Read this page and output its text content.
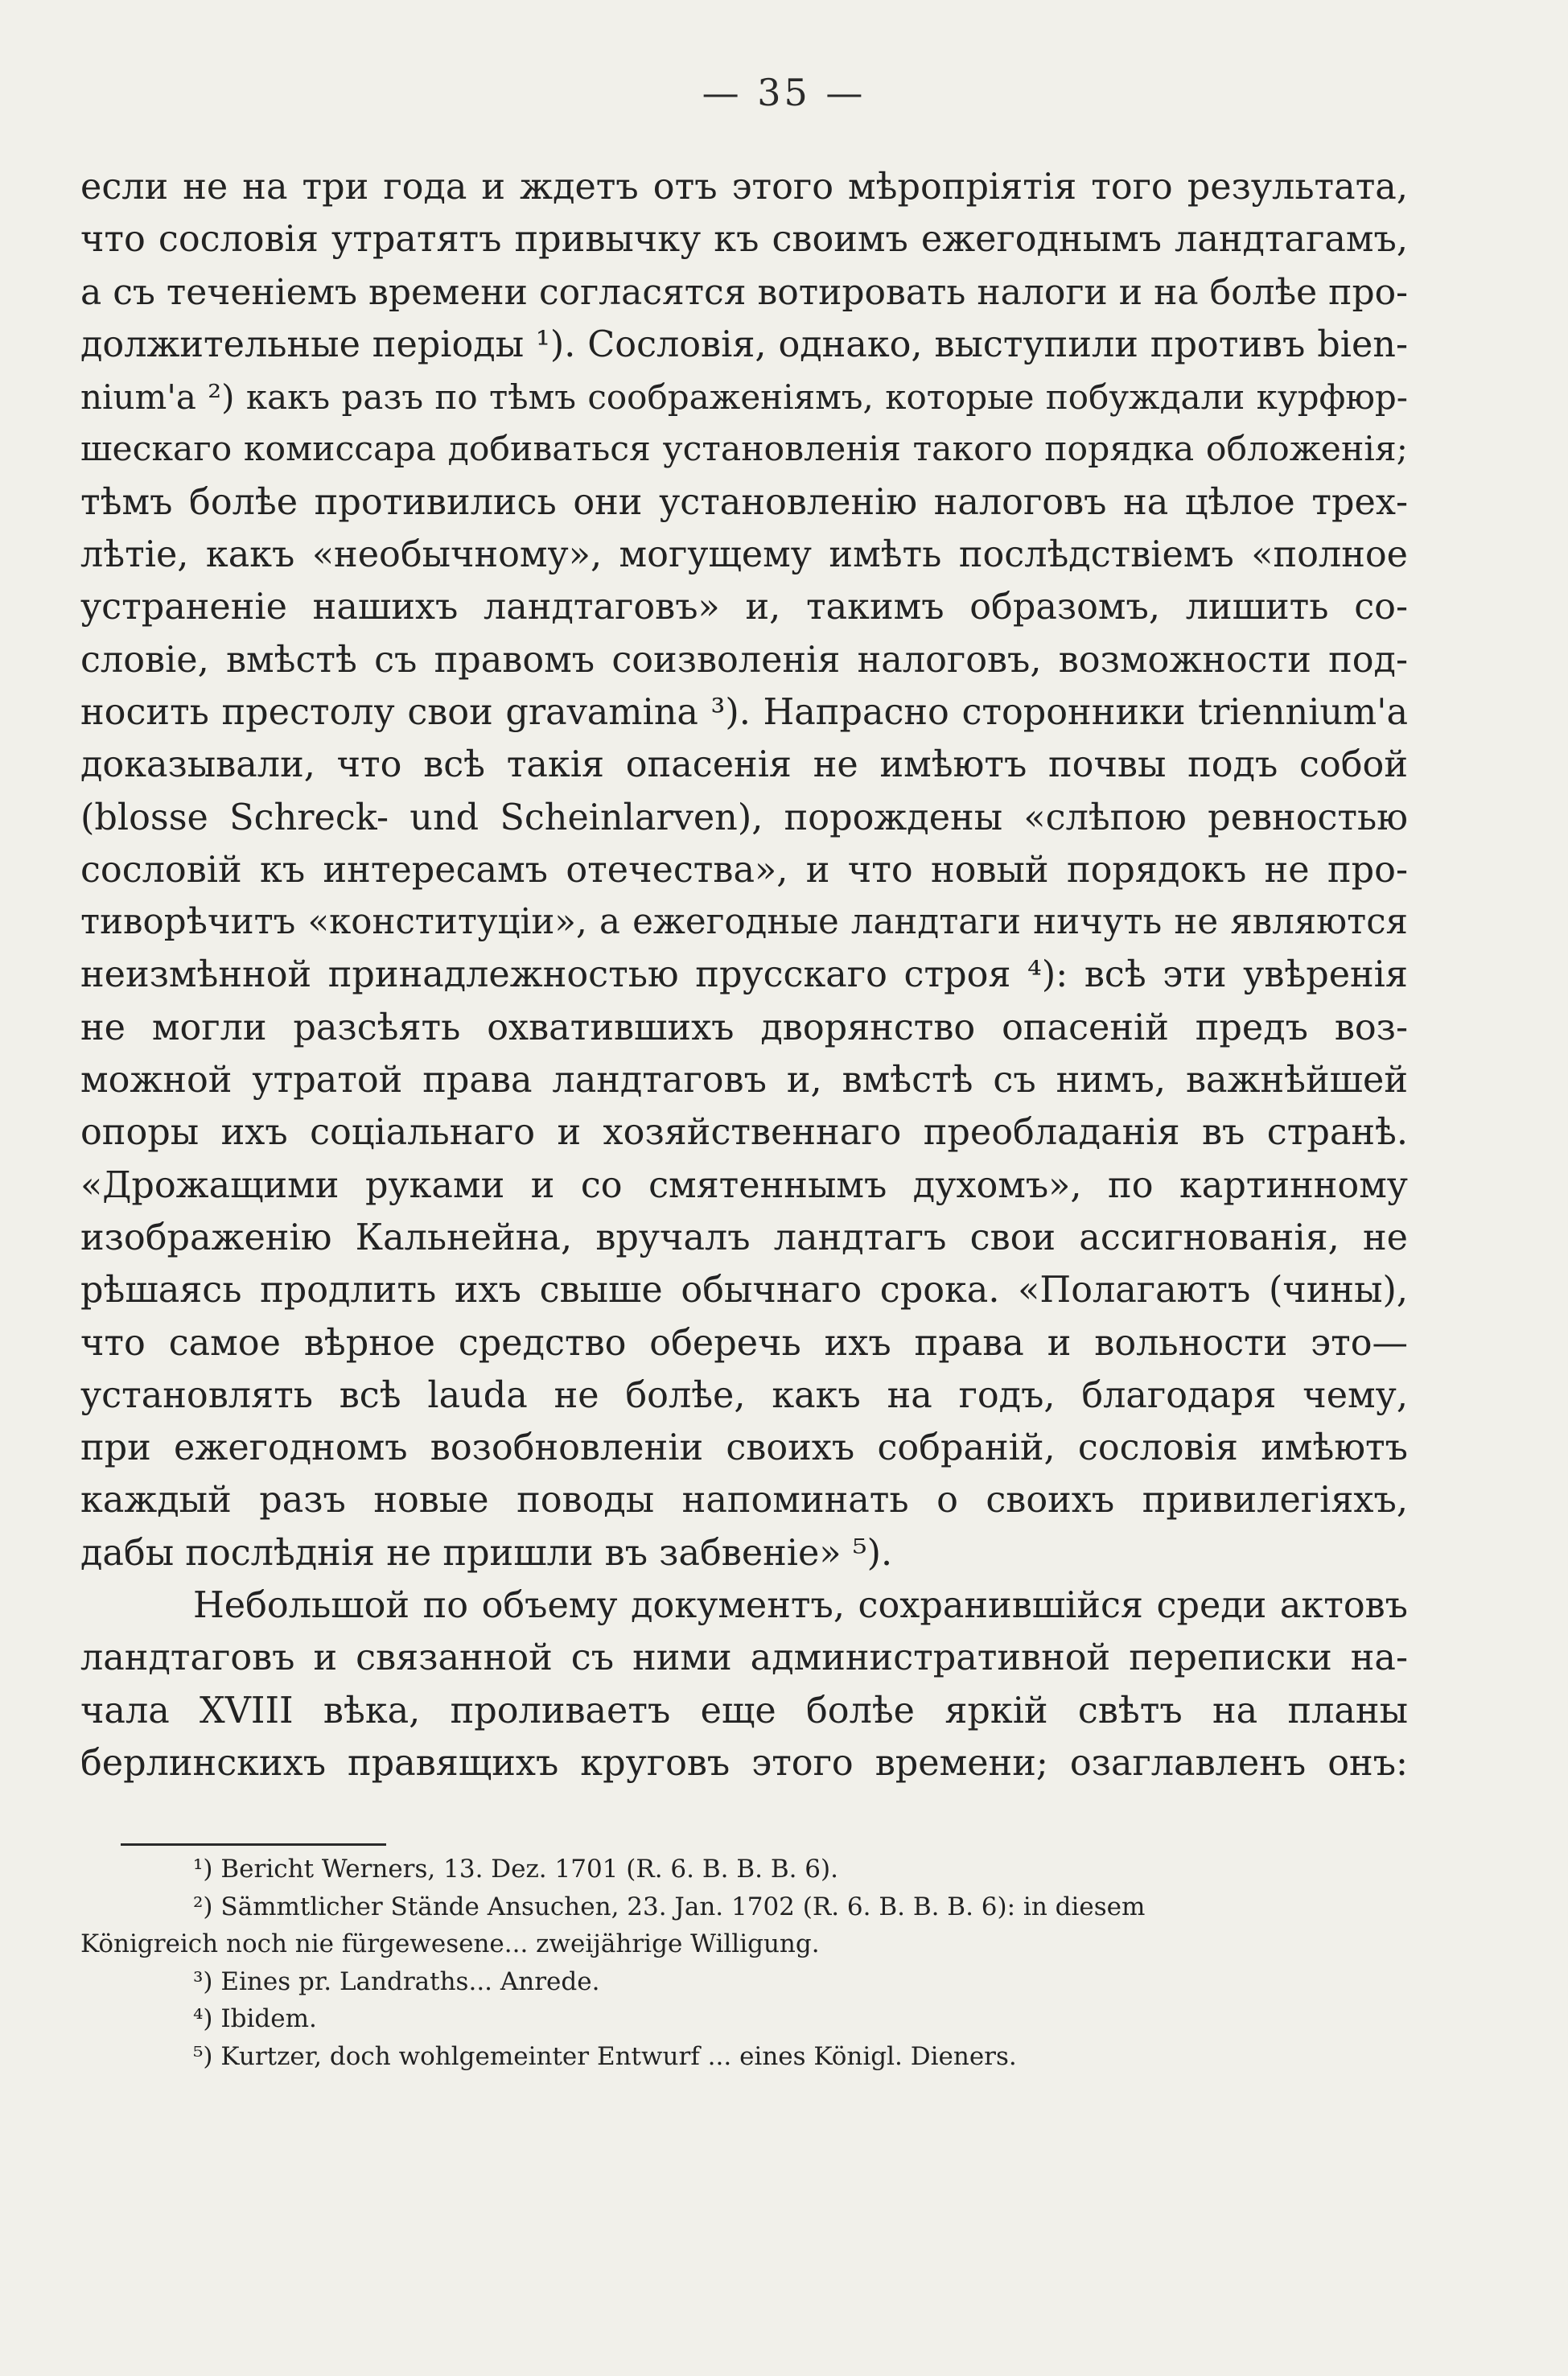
— 35 —
если не на три года и ждетъ отъ этого мѣропріятія того результата,
что сословія утратятъ привычку къ своимъ ежегоднымъ ландтагамъ,
а съ теченіемъ времени согласятся вотировать налоги и на болѣе про-
должительные періоды ¹). Сословія, однако, выступили противъ bien-
nium'a ²) какъ разъ по тѣмъ соображеніямъ, которые побуждали курфюр-
шескаго комиссара добиваться установленія такого порядка обложенія;
тѣмъ болѣе противились они установленію налоговъ на цѣлое трех-
лѣтіе, какъ «необычному», могущему имѣть послѣдствіемъ «полное
устраненіе нашихъ ландтаговъ» и, такимъ образомъ, лишить со-
словіе, вмѣстѣ съ правомъ соизволенія налоговъ, возможности под-
носить престолу свои gravamina ³). Напрасно сторонники triennium'a
доказывали, что всѣ такія опасенія не имѣютъ почвы подъ собой
(blosse Schreck- und Scheinlarven), порождены «слѣпою ревностью
сословій къ интересамъ отечества», и что новый порядокъ не про-
тиворѣчитъ «конституціи», а ежегодные ландтаги ничуть не являются
неизмѣнной принадлежностью прусскаго строя ⁴): всѣ эти увѣренія
не могли разсѣять охватившихъ дворянство опасеній предъ воз-
можной утратой права ландтаговъ и, вмѣстѣ съ нимъ, важнѣйшей
опоры ихъ соціальнаго и хозяйственнаго преобладанія въ странѣ.
«Дрожащими руками и со смятеннымъ духомъ», по картинному
изображенію Кальнейна, вручалъ ландтагъ свои ассигнованія, не
рѣшаясь продлить ихъ свыше обычнаго срока. «Полагаютъ (чины),
что самое вѣрное средство оберечь ихъ права и вольности это—
установлять всѣ lauda не болѣе, какъ на годъ, благодаря чему,
при ежегодномъ возобновленіи своихъ собраній, сословія имѣютъ
каждый разъ новые поводы напоминать о своихъ привилегіяхъ,
дабы послѣднія не пришли въ забвеніе» ⁵).
Небольшой по объему документъ, сохранившійся среди актовъ
ландтаговъ и связанной съ ними административной переписки на-
чала XVIII вѣка, проливаетъ еще болѣе яркій свѣтъ на планы
берлинскихъ правящихъ круговъ этого времени; озаглавленъ онъ:
¹) Bericht Werners, 13. Dez. 1701 (R. 6. B. B. B. 6).
²) Sämmtlicher Stände Ansuchen, 23. Jan. 1702 (R. 6. B. B. B. 6): in diesem
Königreich noch nie fürgewesene... zweijährige Willigung.
³) Eines pr. Landraths... Anrede.
⁴) Ibidem.
⁵) Kurtzer, doch wohlgemeinter Entwurf ... eines Königl. Dieners.
